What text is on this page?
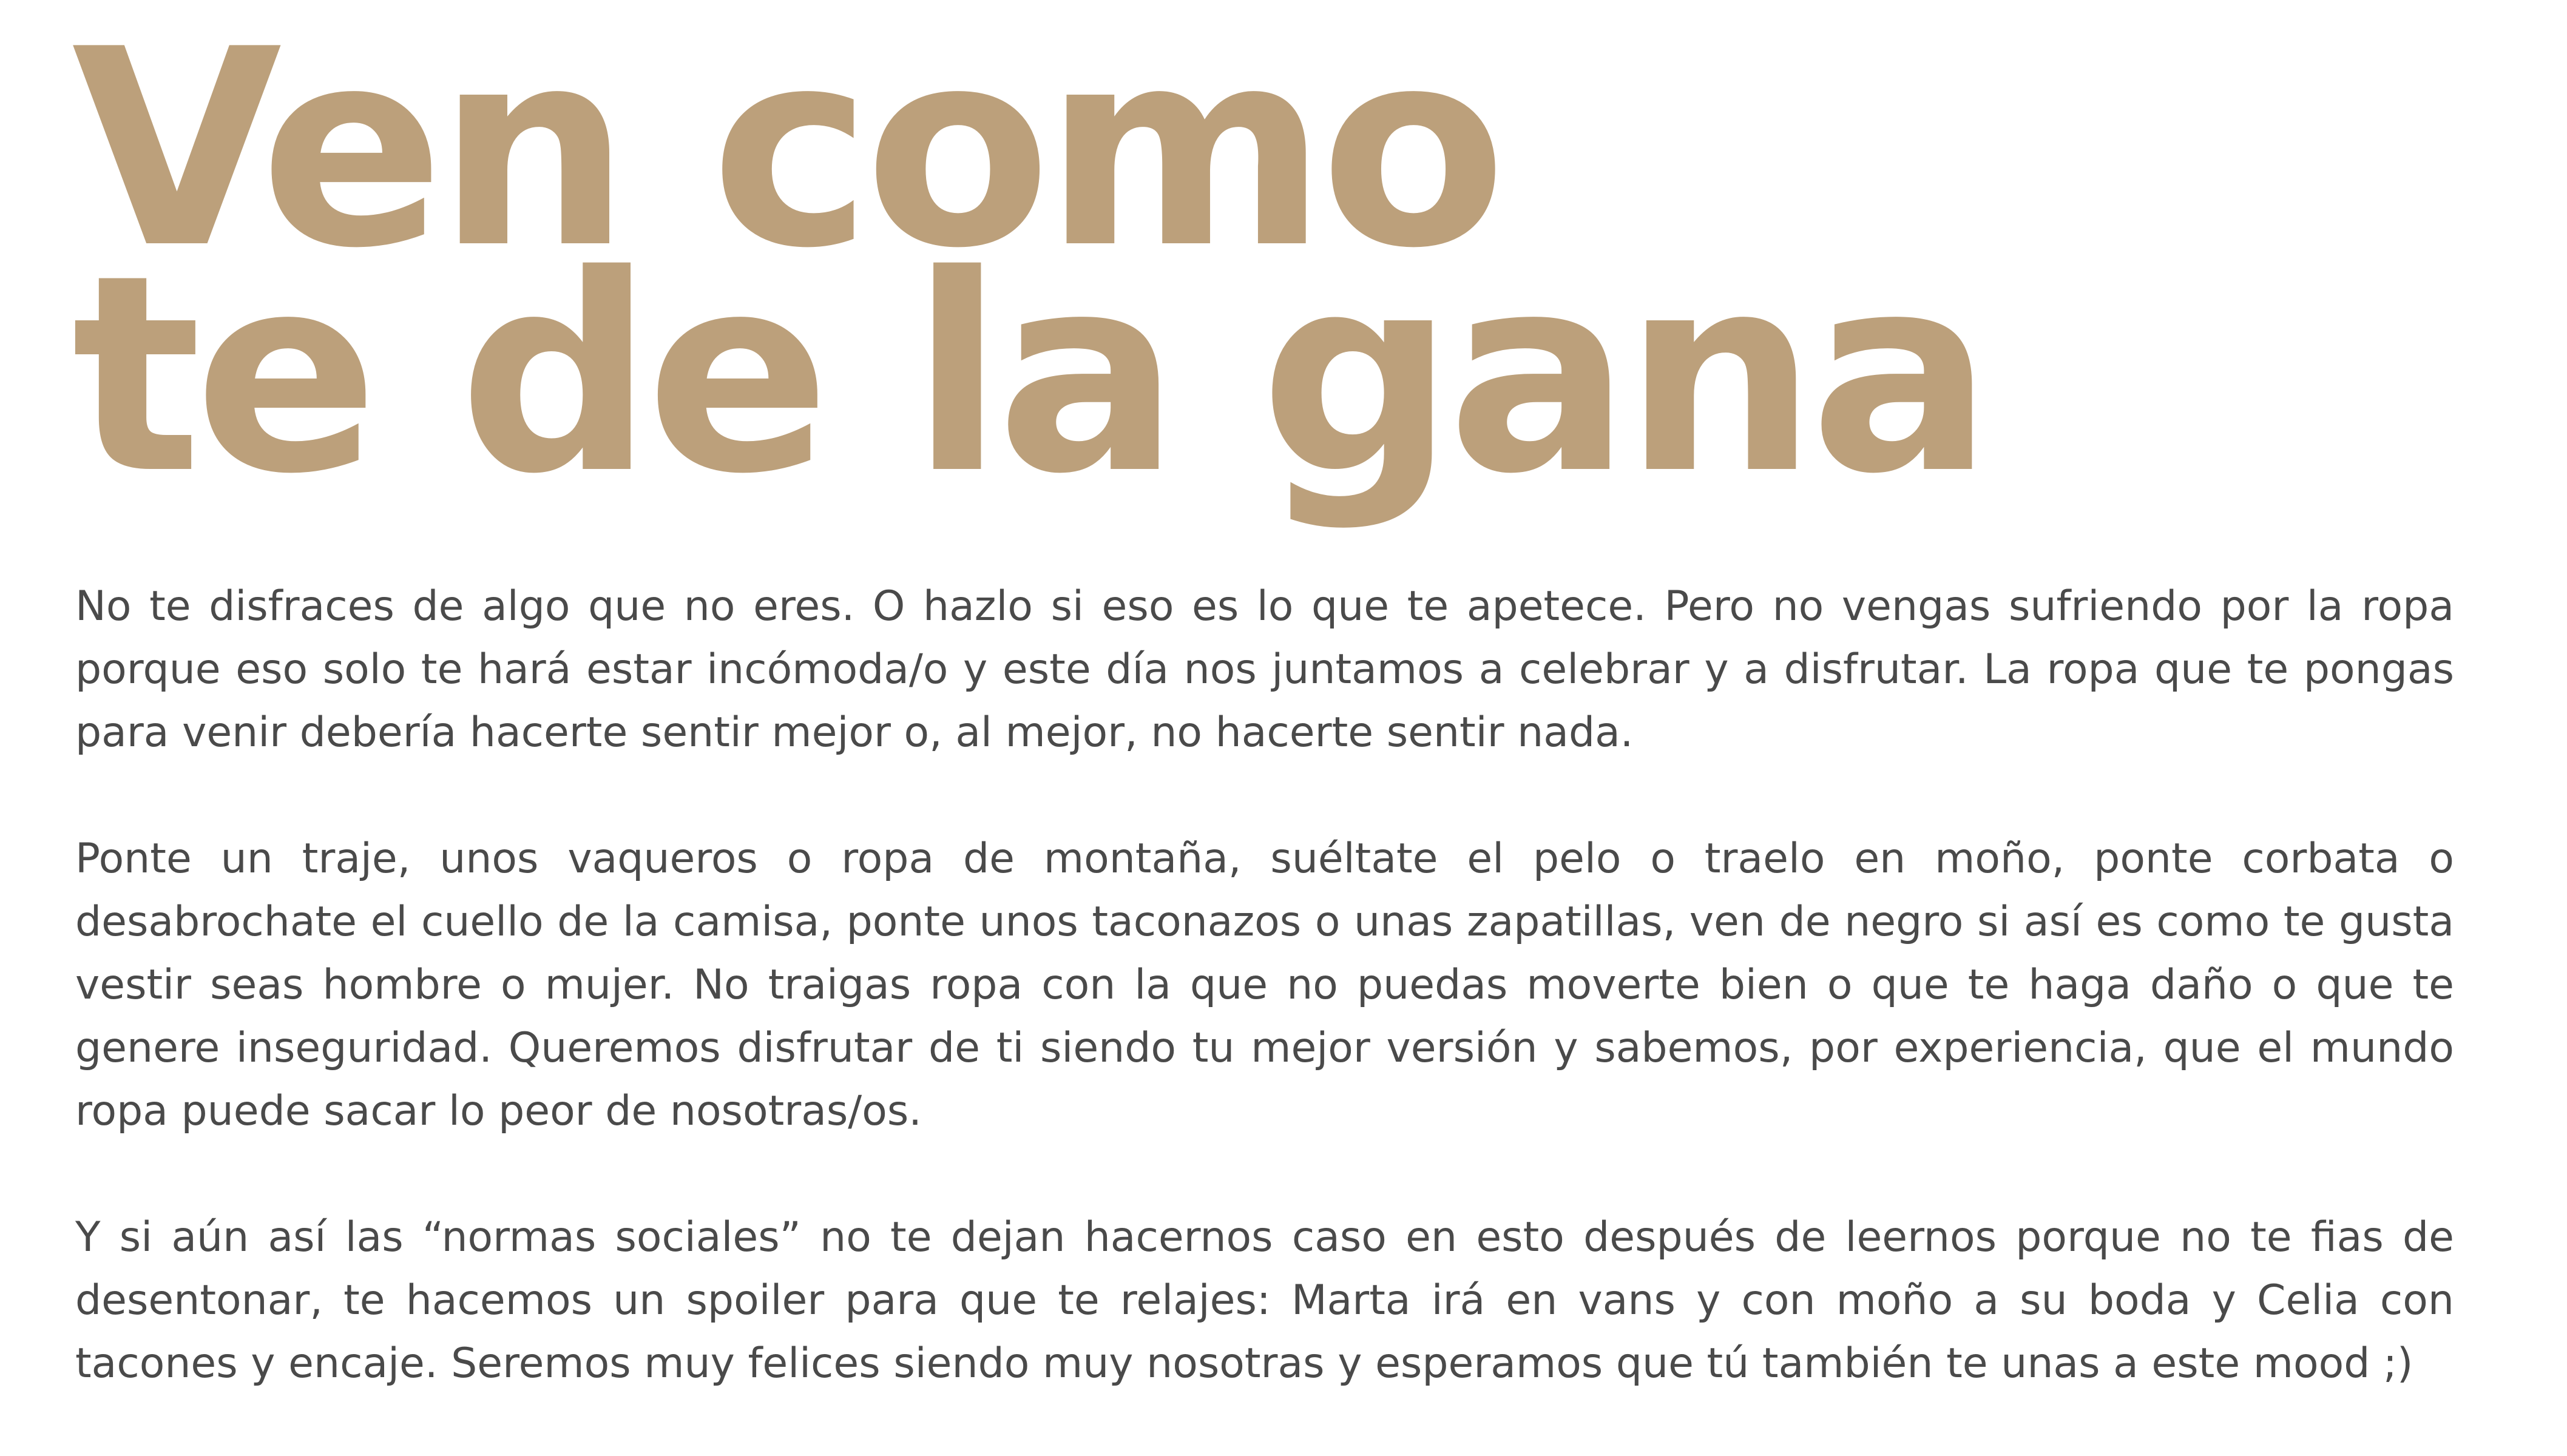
Ven como
te de la gana

No te disfraces de algo que no eres. O hazlo si eso es lo que te apetece. Pero no vengas sufriendo por la ropa porque eso solo te hará estar incómoda/o y este día nos juntamos a celebrar y a disfrutar. La ropa que te pongas para venir debería hacerte sentir mejor o, al mejor, no hacerte sentir nada.

Ponte un traje, unos vaqueros o ropa de montaña, suéltate el pelo o traelo en moño, ponte corbata o desabrochate el cuello de la camisa, ponte unos taconazos o unas zapatillas, ven de negro si así es como te gusta vestir seas hombre o mujer. No traigas ropa con la que no puedas moverte bien o que te haga daño o que te genere inseguridad. Queremos disfrutar de ti siendo tu mejor versión y sabemos, por experiencia, que el mundo ropa puede sacar lo peor de nosotras/os.

Y si aún así las “normas sociales” no te dejan hacernos caso en esto después de leernos porque no te fias de desentonar, te hacemos un spoiler para que te relajes: Marta irá en vans y con moño a su boda y Celia con tacones y encaje. Seremos muy felices siendo muy nosotras y esperamos que tú también te unas a este mood ;)
